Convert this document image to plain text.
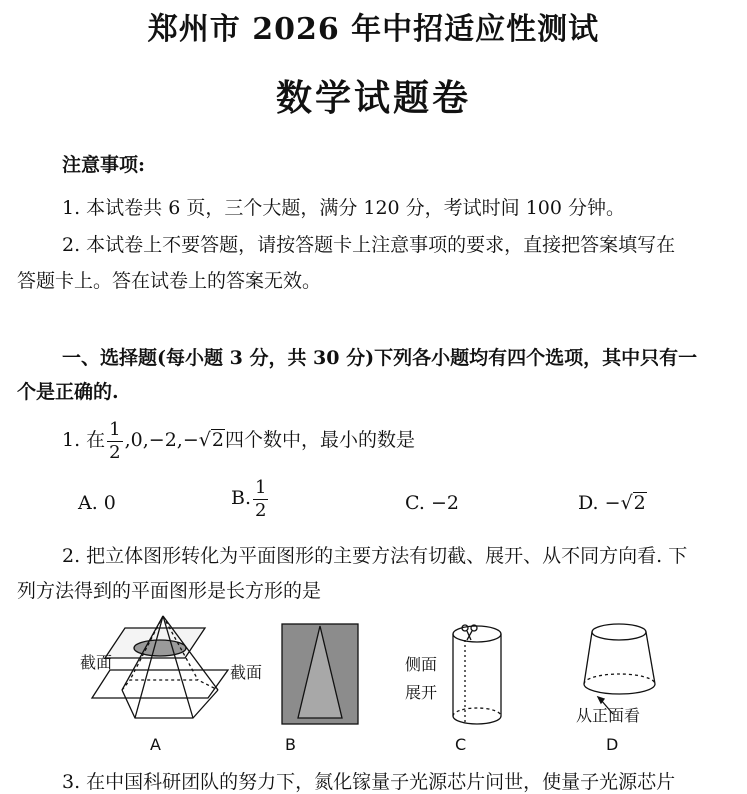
郑州市 2026 年中招适应性测试
数学试题卷
注意事项:
1. 本试卷共 6 页，三个大题，满分 120 分，考试时间 100 分钟。
2. 本试卷上不要答题，请按答题卡上注意事项的要求，直接把答案填写在
答题卡上。答在试卷上的答案无效。
一、选择题(每小题 3 分，共 30 分)下列各小题均有四个选项，其中只有一
个是正确的.
1. 在 $\frac{1}{2} ,0,-2,-√2$四个数中，最小的数是
A. 0	B. $\frac{1}{2}$	C. −2	D. −√2
2. 把立体图形转化为平面图形的主要方法有切截、展开、从不同方向看. 下
列方法得到的平面图形是长方形的是
截面
A
截面
B
侧面
展开
C
从正面看
D
3. 在中国科研团队的努力下，氮化镓量子光源芯片问世，使量子光源芯片
